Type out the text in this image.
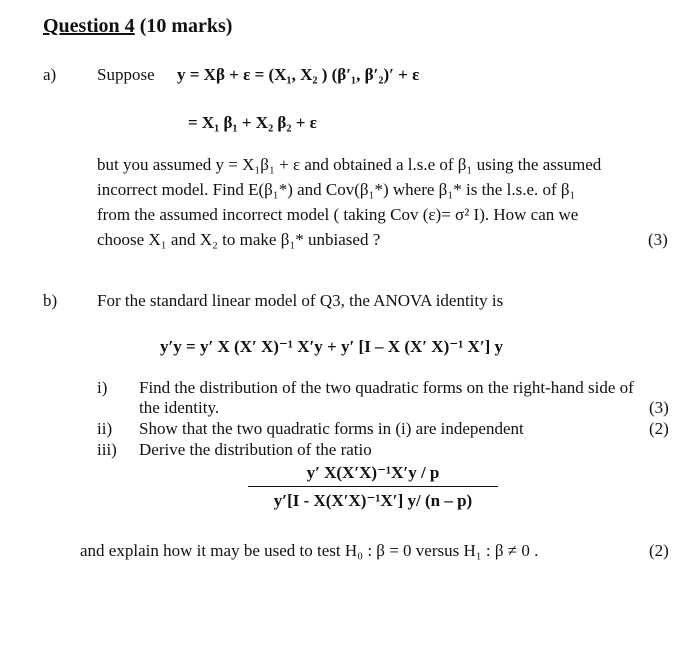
Question 4 (10 marks)
a) Suppose y = Xβ + ε = (X₁, X₂ ) (β′₁, β′₂)′ + ε
= X₁ β₁ + X₂ β₂ + ε
but you assumed y = X₁β₁ + ε and obtained a l.s.e of β₁ using the assumed
incorrect model. Find E(β₁*) and Cov(β₁*) where β₁* is the l.s.e. of β₁
from the assumed incorrect model ( taking Cov (ε)= σ² I). How can we
choose X₁ and X₂ to make β₁* unbiased ?	(3)
b) For the standard linear model of Q3, the ANOVA identity is
y′y = y′ X (X′ X)⁻¹ X′y + y′ [I – X (X′ X)⁻¹ X′] y
i) Find the distribution of the two quadratic forms on the right-hand side of
the identity.	(3)
ii) Show that the two quadratic forms in (i) are independent	(2)
iii) Derive the distribution of the ratio
y′ X(X′X)⁻¹X′y / p
y′[I - X(X′X)⁻¹X′] y/ (n – p)
and explain how it may be used to test H₀ : β = 0 versus H₁ : β ≠ 0 .	(2)
